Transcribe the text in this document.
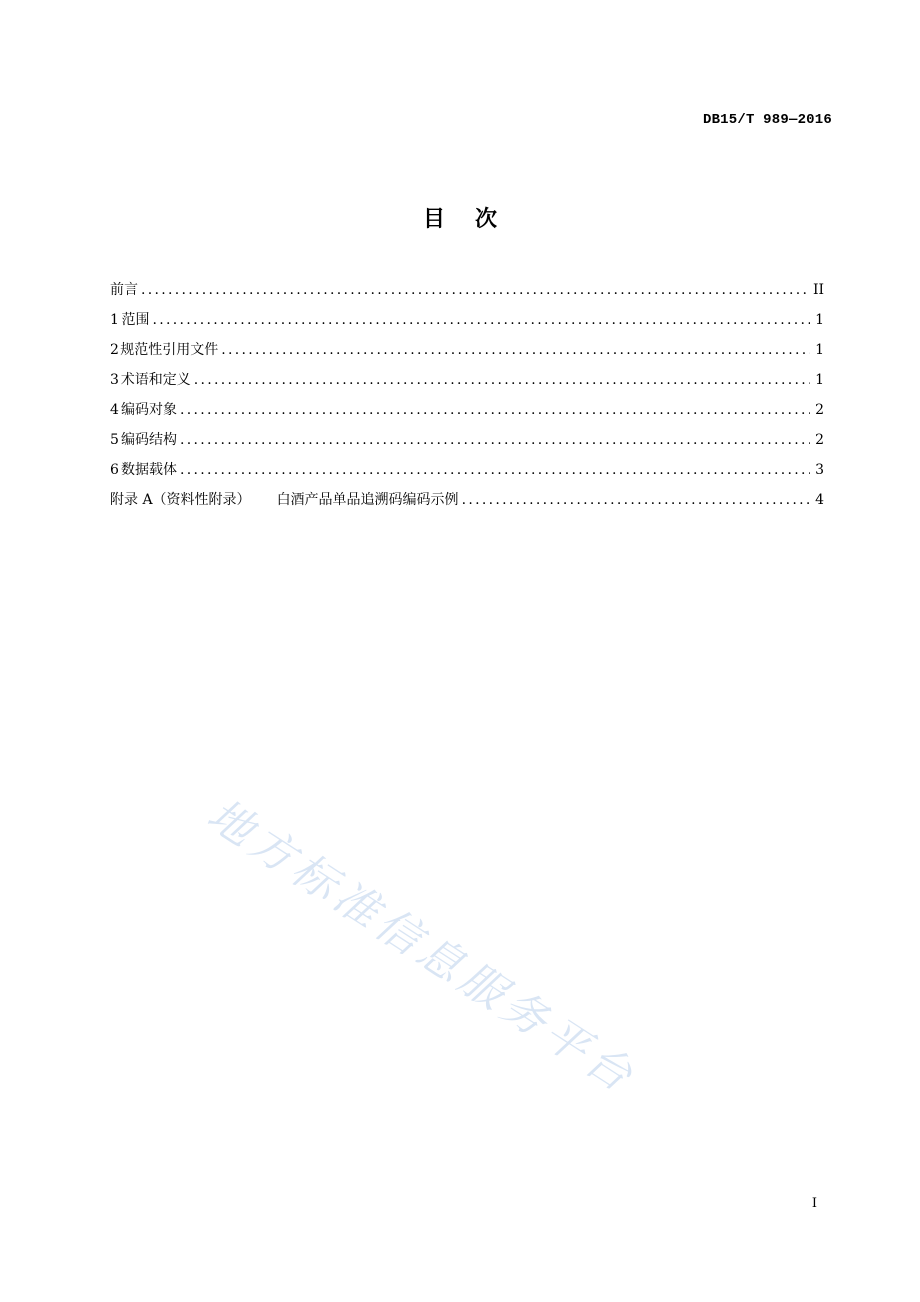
DB15/T 989—2016
目 次
前言 .....	II
1 范围 .....	1
2 规范性引用文件 .....	1
3 术语和定义 .....	1
4 编码对象 .....	2
5 编码结构 .....	2
6 数据载体 .....	3
附录 A（资料性附录） 白酒产品单品追溯码编码示例 .....	4
地方标准信息服务平台
I
